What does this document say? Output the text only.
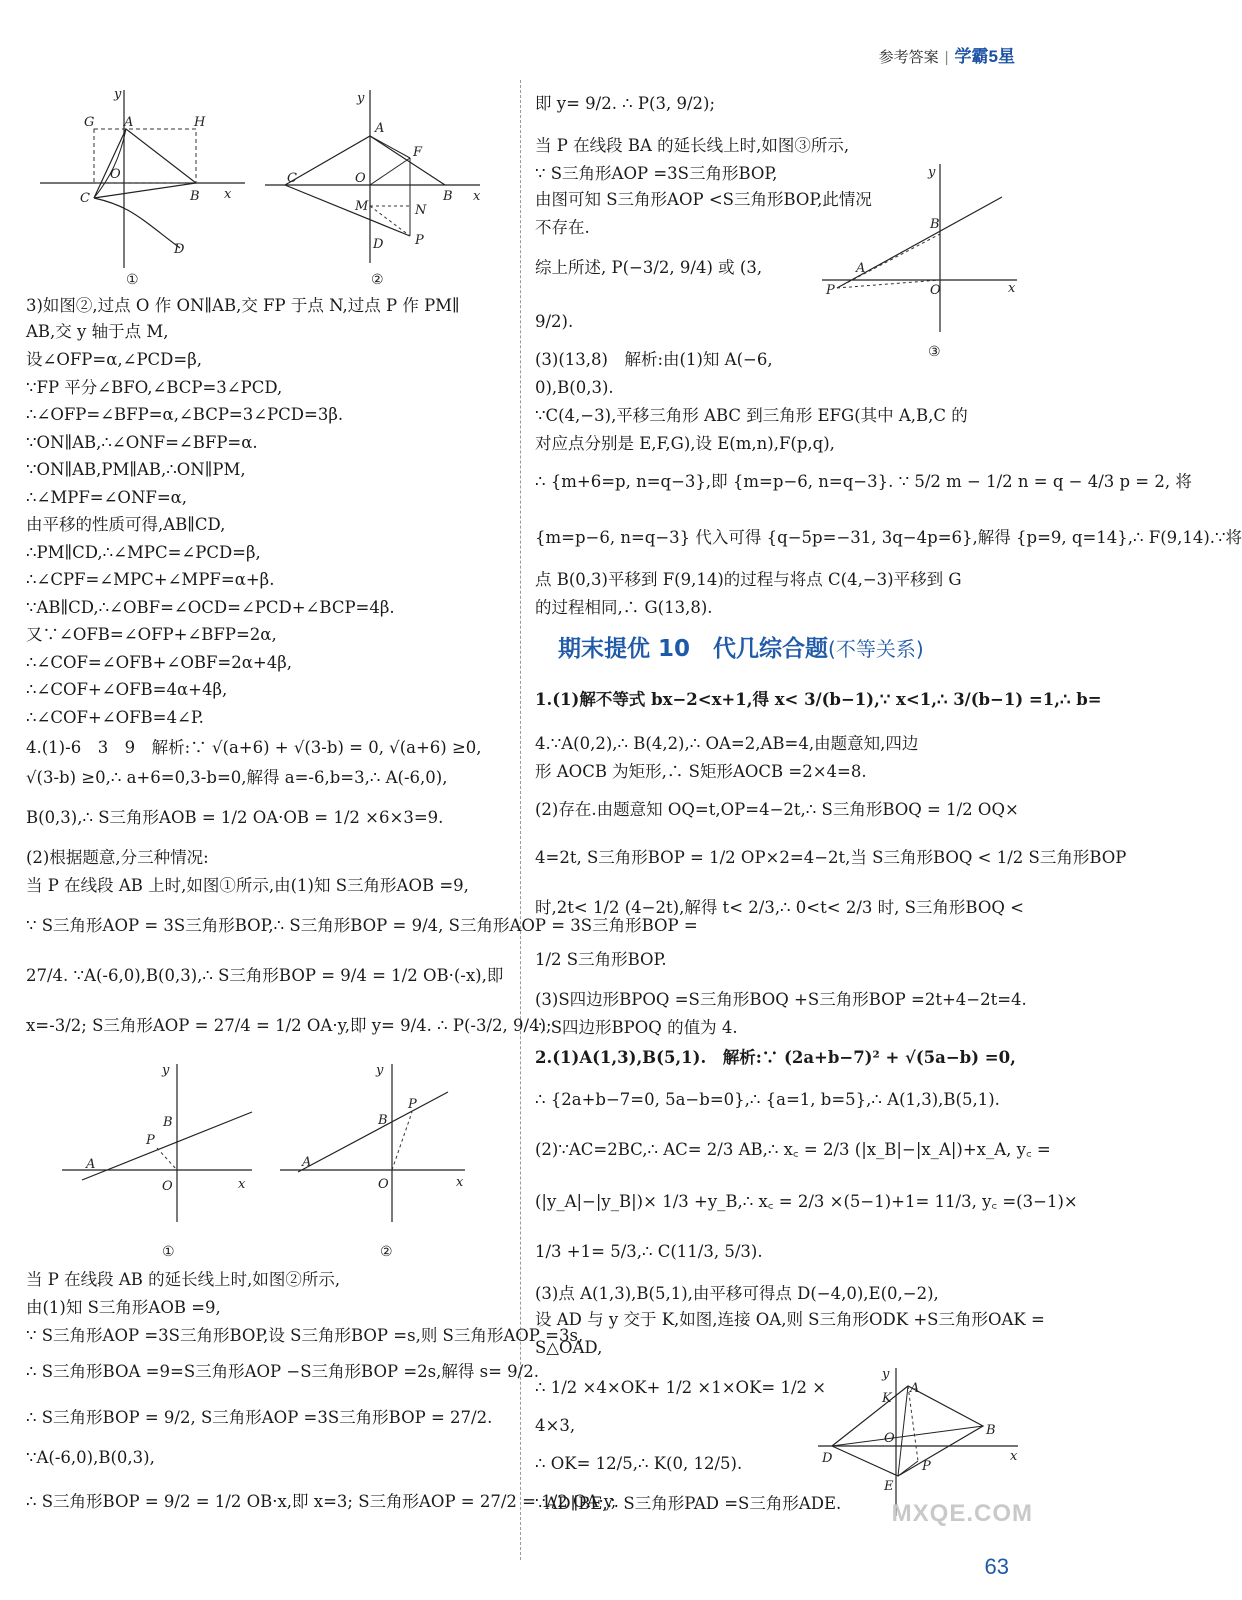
参考答案 | 学霸5星
y
G A	H
O
C	B x
D
①
y
A
F
C	O
B x
M	N
D P
②
3)如图②,过点 O 作 ON∥AB,交 FP 于点 N,过点 P 作 PM∥
AB,交 y 轴于点 M,
设∠OFP=α,∠PCD=β,
∵FP 平分∠BFO,∠BCP=3∠PCD,
∴∠OFP=∠BFP=α,∠BCP=3∠PCD=3β.
∵ON∥AB,∴∠ONF=∠BFP=α.
∵ON∥AB,PM∥AB,∴ON∥PM,
∴∠MPF=∠ONF=α,
由平移的性质可得,AB∥CD,
∴PM∥CD,∴∠MPC=∠PCD=β,
∴∠CPF=∠MPC+∠MPF=α+β.
∵AB∥CD,∴∠OBF=∠OCD=∠PCD+∠BCP=4β.
又∵∠OFB=∠OFP+∠BFP=2α,
∴∠COF=∠OFB+∠OBF=2α+4β,
∴∠COF+∠OFB=4α+4β,
∴∠COF+∠OFB=4∠P.
4.(1)-6　3　9　解析:∵ √(a+6) + √(3-b) = 0, √(a+6) ≥0,
√(3-b) ≥0,∴ a+6=0,3-b=0,解得 a=-6,b=3,∴ A(-6,0),
B(0,3),∴ S三角形AOB = 1/2 OA·OB = 1/2 ×6×3=9.
(2)根据题意,分三种情况:
当 P 在线段 AB 上时,如图①所示,由(1)知 S三角形AOB =9,
∵ S三角形AOP = 3S三角形BOP,∴ S三角形BOP = 9/4, S三角形AOP = 3S三角形BOP =
27/4. ∵A(-6,0),B(0,3),∴ S三角形BOP = 9/4 = 1/2 OB·(-x),即
x=-3/2; S三角形AOP = 27/4 = 1/2 OA·y,即 y= 9/4. ∴ P(-3/2, 9/4);
当 P 在线段 AB 的延长线上时,如图②所示,
由(1)知 S三角形AOB =9,
∵ S三角形AOP =3S三角形BOP,设 S三角形BOP =s,则 S三角形AOP =3s,
∴ S三角形BOA =9=S三角形AOP −S三角形BOP =2s,解得 s= 9/2.
∴ S三角形BOP = 9/2, S三角形AOP =3S三角形BOP = 27/2.
∵A(-6,0),B(0,3),
∴ S三角形BOP = 9/2 = 1/2 OB·x,即 x=3; S三角形AOP = 27/2 = 1/2 OA·y,
y
B
P
A
O	x
①
y
B
P
A
O	x
②
即 y= 9/2. ∴ P(3, 9/2);
当 P 在线段 BA 的延长线上时,如图③所示,
∵ S三角形AOP =3S三角形BOP,
由图可知 S三角形AOP <S三角形BOP,此情况
不存在.
综上所述, P(−3/2, 9/4) 或 (3,
9/2).
(3)(13,8)　解析:由(1)知 A(−6,
0),B(0,3).
∵C(4,−3),平移三角形 ABC 到三角形 EFG(其中 A,B,C 的
对应点分别是 E,F,G),设 E(m,n),F(p,q),
∴ {m+6=p, n=q−3},即 {m=p−6, n=q−3}. ∵ 5/2 m − 1/2 n = q − 4/3 p = 2, 将
{m=p−6, n=q−3} 代入可得 {q−5p=−31, 3q−4p=6},解得 {p=9, q=14},∴ F(9,14).∵将
点 B(0,3)平移到 F(9,14)的过程与将点 C(4,−3)平移到 G
的过程相同,∴ G(13,8).
1.(1)解不等式 bx−2<x+1,得 x< 3/(b−1),∵ x<1,∴ 3/(b−1) =1,∴ b=
4.∵A(0,2),∴ B(4,2),∴ OA=2,AB=4,由题意知,四边
形 AOCB 为矩形,∴ S矩形AOCB =2×4=8.
(2)存在.由题意知 OQ=t,OP=4−2t,∴ S三角形BOQ = 1/2 OQ×
4=2t, S三角形BOP = 1/2 OP×2=4−2t,当 S三角形BOQ < 1/2 S三角形BOP
时,2t< 1/2 (4−2t),解得 t< 2/3,∴ 0<t< 2/3 时, S三角形BOQ <
1/2 S三角形BOP.
(3)S四边形BPOQ =S三角形BOQ +S三角形BOP =2t+4−2t=4.
∴ S四边形BPOQ 的值为 4.
2.(1)A(1,3),B(5,1).　解析:∵ (2a+b−7)² + √(5a−b) =0,
∴ {2a+b−7=0, 5a−b=0},∴ {a=1, b=5},∴ A(1,3),B(5,1).
(2)∵AC=2BC,∴ AC= 2/3 AB,∴ x꜀ = 2/3 (|x_B|−|x_A|)+x_A, y꜀ =
(|y_A|−|y_B|)× 1/3 +y_B,∴ x꜀ = 2/3 ×(5−1)+1= 11/3, y꜀ =(3−1)×
1/3 +1= 5/3,∴ C(11/3, 5/3).
(3)点 A(1,3),B(5,1),由平移可得点 D(−4,0),E(0,−2),
设 AD 与 y 交于 K,如图,连接 OA,则 S三角形ODK +S三角形OAK =
S△OAD,
∴ 1/2 ×4×OK+ 1/2 ×1×OK= 1/2 ×
4×3,
∴ OK= 12/5,∴ K(0, 12/5).
∵AD∥BE,∴ S三角形PAD =S三角形ADE.
期末提优 10　代几综合题(不等关系)
y
B
A
P	O	x
③
y
K
A
B
D
O
x
E
P
MXQE.COM
63
